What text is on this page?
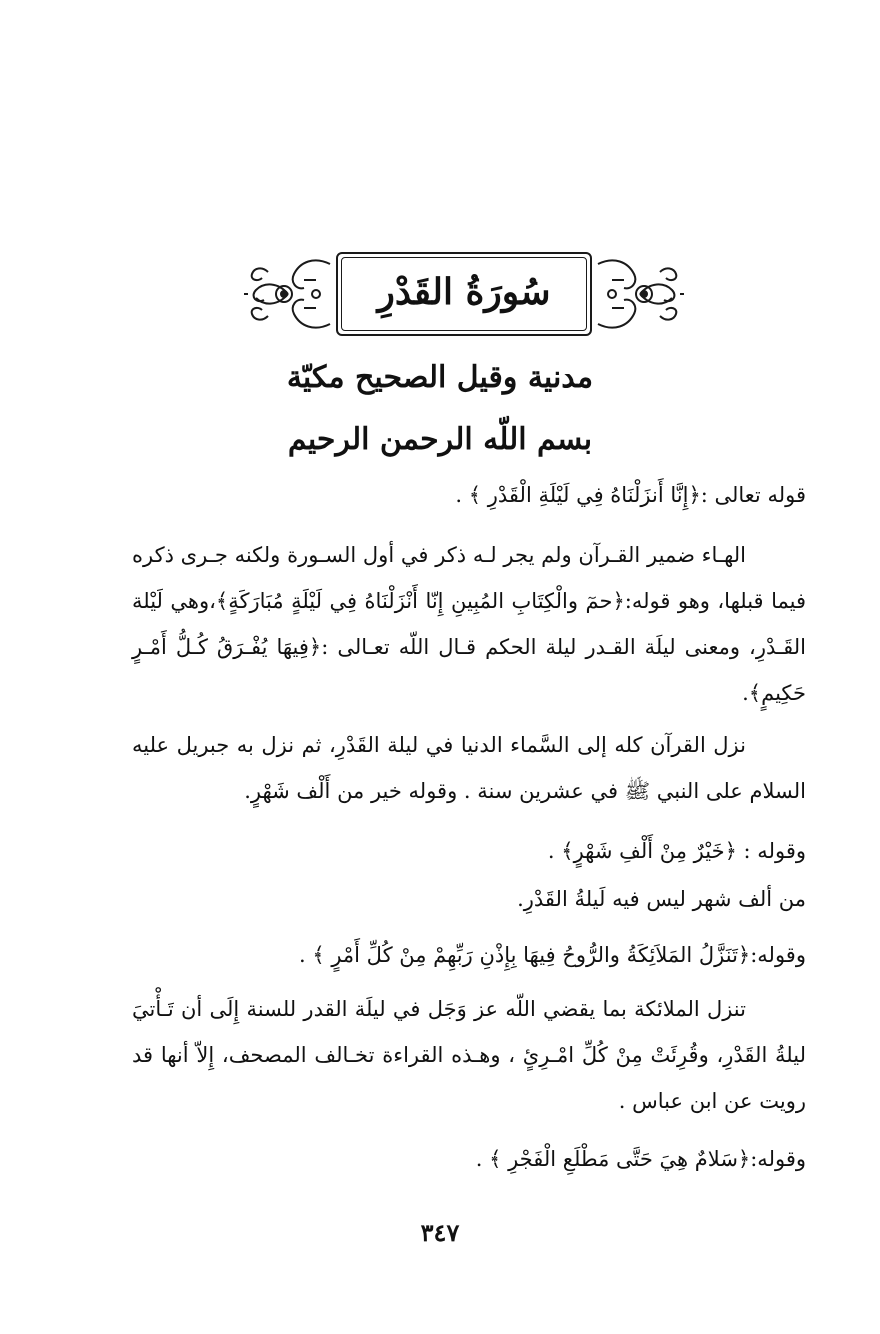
سُورَةُ القَدْرِ
مدنية وقيل الصحيح مكيّة
بسم اللّه الرحمن الرحيم
قوله تعالى :﴿إِنَّا أَنزَلْنَاهُ فِي لَيْلَةِ الْقَدْرِ ﴾ .
الهـاء ضمير القـرآن ولم يجر لـه ذكر في أول السـورة ولكنه جـرى ذكره فيما قبلها، وهو قوله:﴿حمٓ والْكِتَابِ المُبِينِ إِنّا أَنْزَلْنَاهُ فِي لَيْلَةٍ مُبَارَكَةٍ﴾،وهي لَيْلة القَـدْرِ، ومعنى ليلَة القـدر ليلة الحكم قـال اللّه تعـالى :﴿فِيهَا يُفْـرَقُ كُـلُّ أَمْـرٍ حَكِيمٍ﴾.
نزل القرآن كله إلى السَّماء الدنيا في ليلة القَدْرِ، ثم نزل به جبريل عليه السلام على النبي ﷺ في عشرين سنة . وقوله خير من أَلْف شَهْرٍ.
وقوله : ﴿خَيْرٌ مِنْ أَلْفِ شَهْرٍ﴾ .
من ألف شهر ليس فيه لَيلةُ القَدْرِ.
وقوله:﴿تَنَزَّلُ المَلاَئِكَةُ والرُّوحُ فِيهَا بِإِذْنِ رَبِّهِمْ مِنْ كُلِّ أَمْرٍ ﴾ .
تنزل الملائكة بما يقضي اللّه عز وَجَل في ليلَة القدر للسنة إِلَى أن تَـأْتيَ ليلةُ القَدْرِ، وقُرِئَتْ مِنْ كُلِّ امْـرِئٍ ، وهـذه القراءة تخـالف المصحف، إِلاّ أنها قد رويت عن ابن عباس .
وقوله:﴿سَلامٌ هِيَ حَتَّى مَطْلَعِ الْفَجْرِ ﴾ .
٣٤٧
